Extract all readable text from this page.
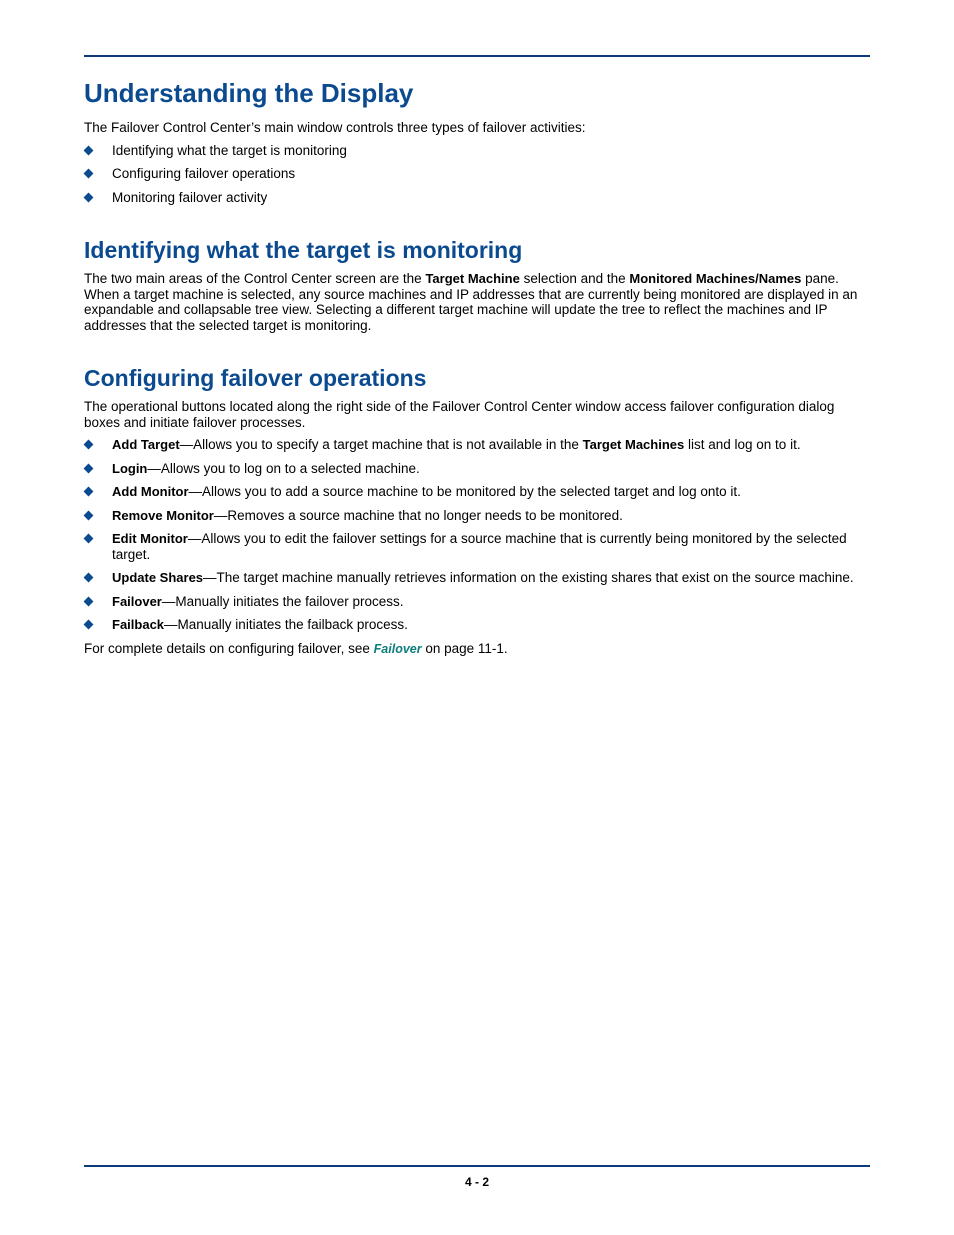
Understanding the Display

The Failover Control Center’s main window controls three types of failover activities:

Identifying what the target is monitoring
Configuring failover operations
Monitoring failover activity
Identifying what the target is monitoring

The two main areas of the Control Center screen are the Target Machine selection and the Monitored Machines/Names pane. When a target machine is selected, any source machines and IP addresses that are currently being monitored are displayed in an expandable and collapsable tree view. Selecting a different target machine will update the tree to reflect the machines and IP addresses that the selected target is monitoring.

Configuring failover operations

The operational buttons located along the right side of the Failover Control Center window access failover configuration dialog boxes and initiate failover processes.

Add Target—Allows you to specify a target machine that is not available in the Target Machines list and log on to it.
Login—Allows you to log on to a selected machine.
Add Monitor—Allows you to add a source machine to be monitored by the selected target and log onto it.
Remove Monitor—Removes a source machine that no longer needs to be monitored.
Edit Monitor—Allows you to edit the failover settings for a source machine that is currently being monitored by the selected target.
Update Shares—The target machine manually retrieves information on the existing shares that exist on the source machine.
Failover—Manually initiates the failover process.
Failback—Manually initiates the failback process.

For complete details on configuring failover, see Failover on page 11-1.

4 - 2
